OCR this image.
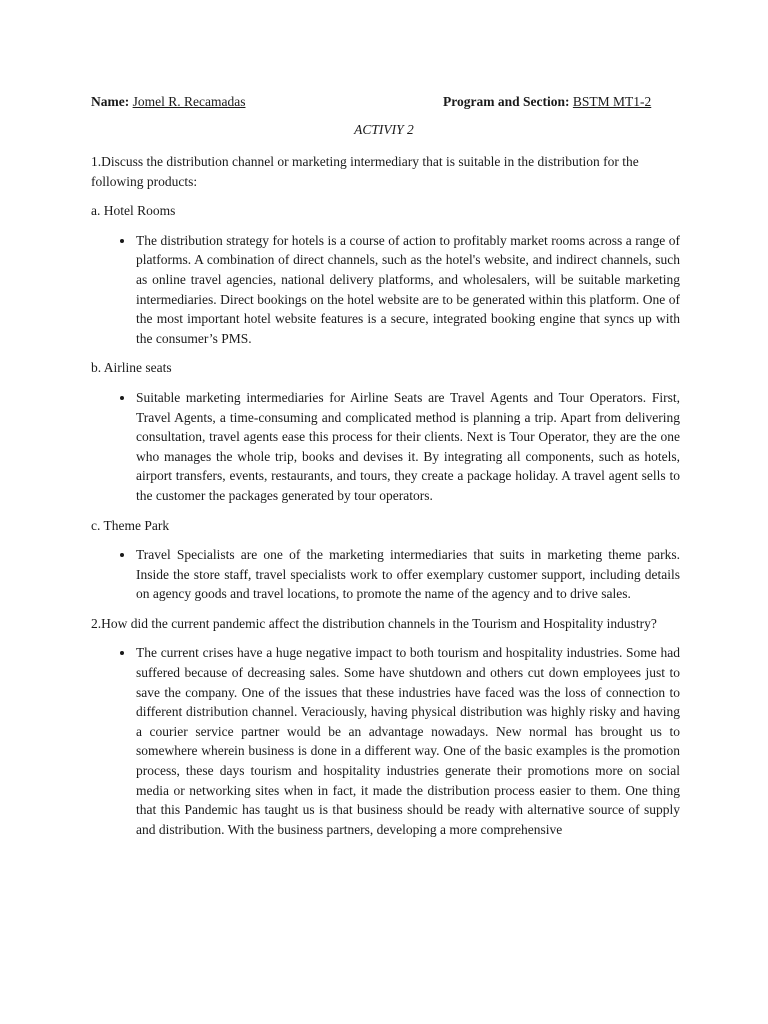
Name: Jomel R. Recamadas	Program and Section: BSTM MT1-2
ACTIVIY 2

1.Discuss the distribution channel or marketing intermediary that is suitable in the distribution for the following products:

a. Hotel Rooms

• The distribution strategy for hotels is a course of action to profitably market rooms across a range of platforms. A combination of direct channels, such as the hotel's website, and indirect channels, such as online travel agencies, national delivery platforms, and wholesalers, will be suitable marketing intermediaries. Direct bookings on the hotel website are to be generated within this platform. One of the most important hotel website features is a secure, integrated booking engine that syncs up with the consumer’s PMS.

b. Airline seats

• Suitable marketing intermediaries for Airline Seats are Travel Agents and Tour Operators. First, Travel Agents, a time-consuming and complicated method is planning a trip. Apart from delivering consultation, travel agents ease this process for their clients. Next is Tour Operator, they are the one who manages the whole trip, books and devises it. By integrating all components, such as hotels, airport transfers, events, restaurants, and tours, they create a package holiday. A travel agent sells to the customer the packages generated by tour operators.

c. Theme Park

• Travel Specialists are one of the marketing intermediaries that suits in marketing theme parks. Inside the store staff, travel specialists work to offer exemplary customer support, including details on agency goods and travel locations, to promote the name of the agency and to drive sales.

2.How did the current pandemic affect the distribution channels in the Tourism and Hospitality industry?

• The current crises have a huge negative impact to both tourism and hospitality industries. Some had suffered because of decreasing sales. Some have shutdown and others cut down employees just to save the company. One of the issues that these industries have faced was the loss of connection to different distribution channel. Veraciously, having physical distribution was highly risky and having a courier service partner would be an advantage nowadays. New normal has brought us to somewhere wherein business is done in a different way. One of the basic examples is the promotion process, these days tourism and hospitality industries generate their promotions more on social media or networking sites when in fact, it made the distribution process easier to them. One thing that this Pandemic has taught us is that business should be ready with alternative source of supply and distribution. With the business partners, developing a more comprehensive
